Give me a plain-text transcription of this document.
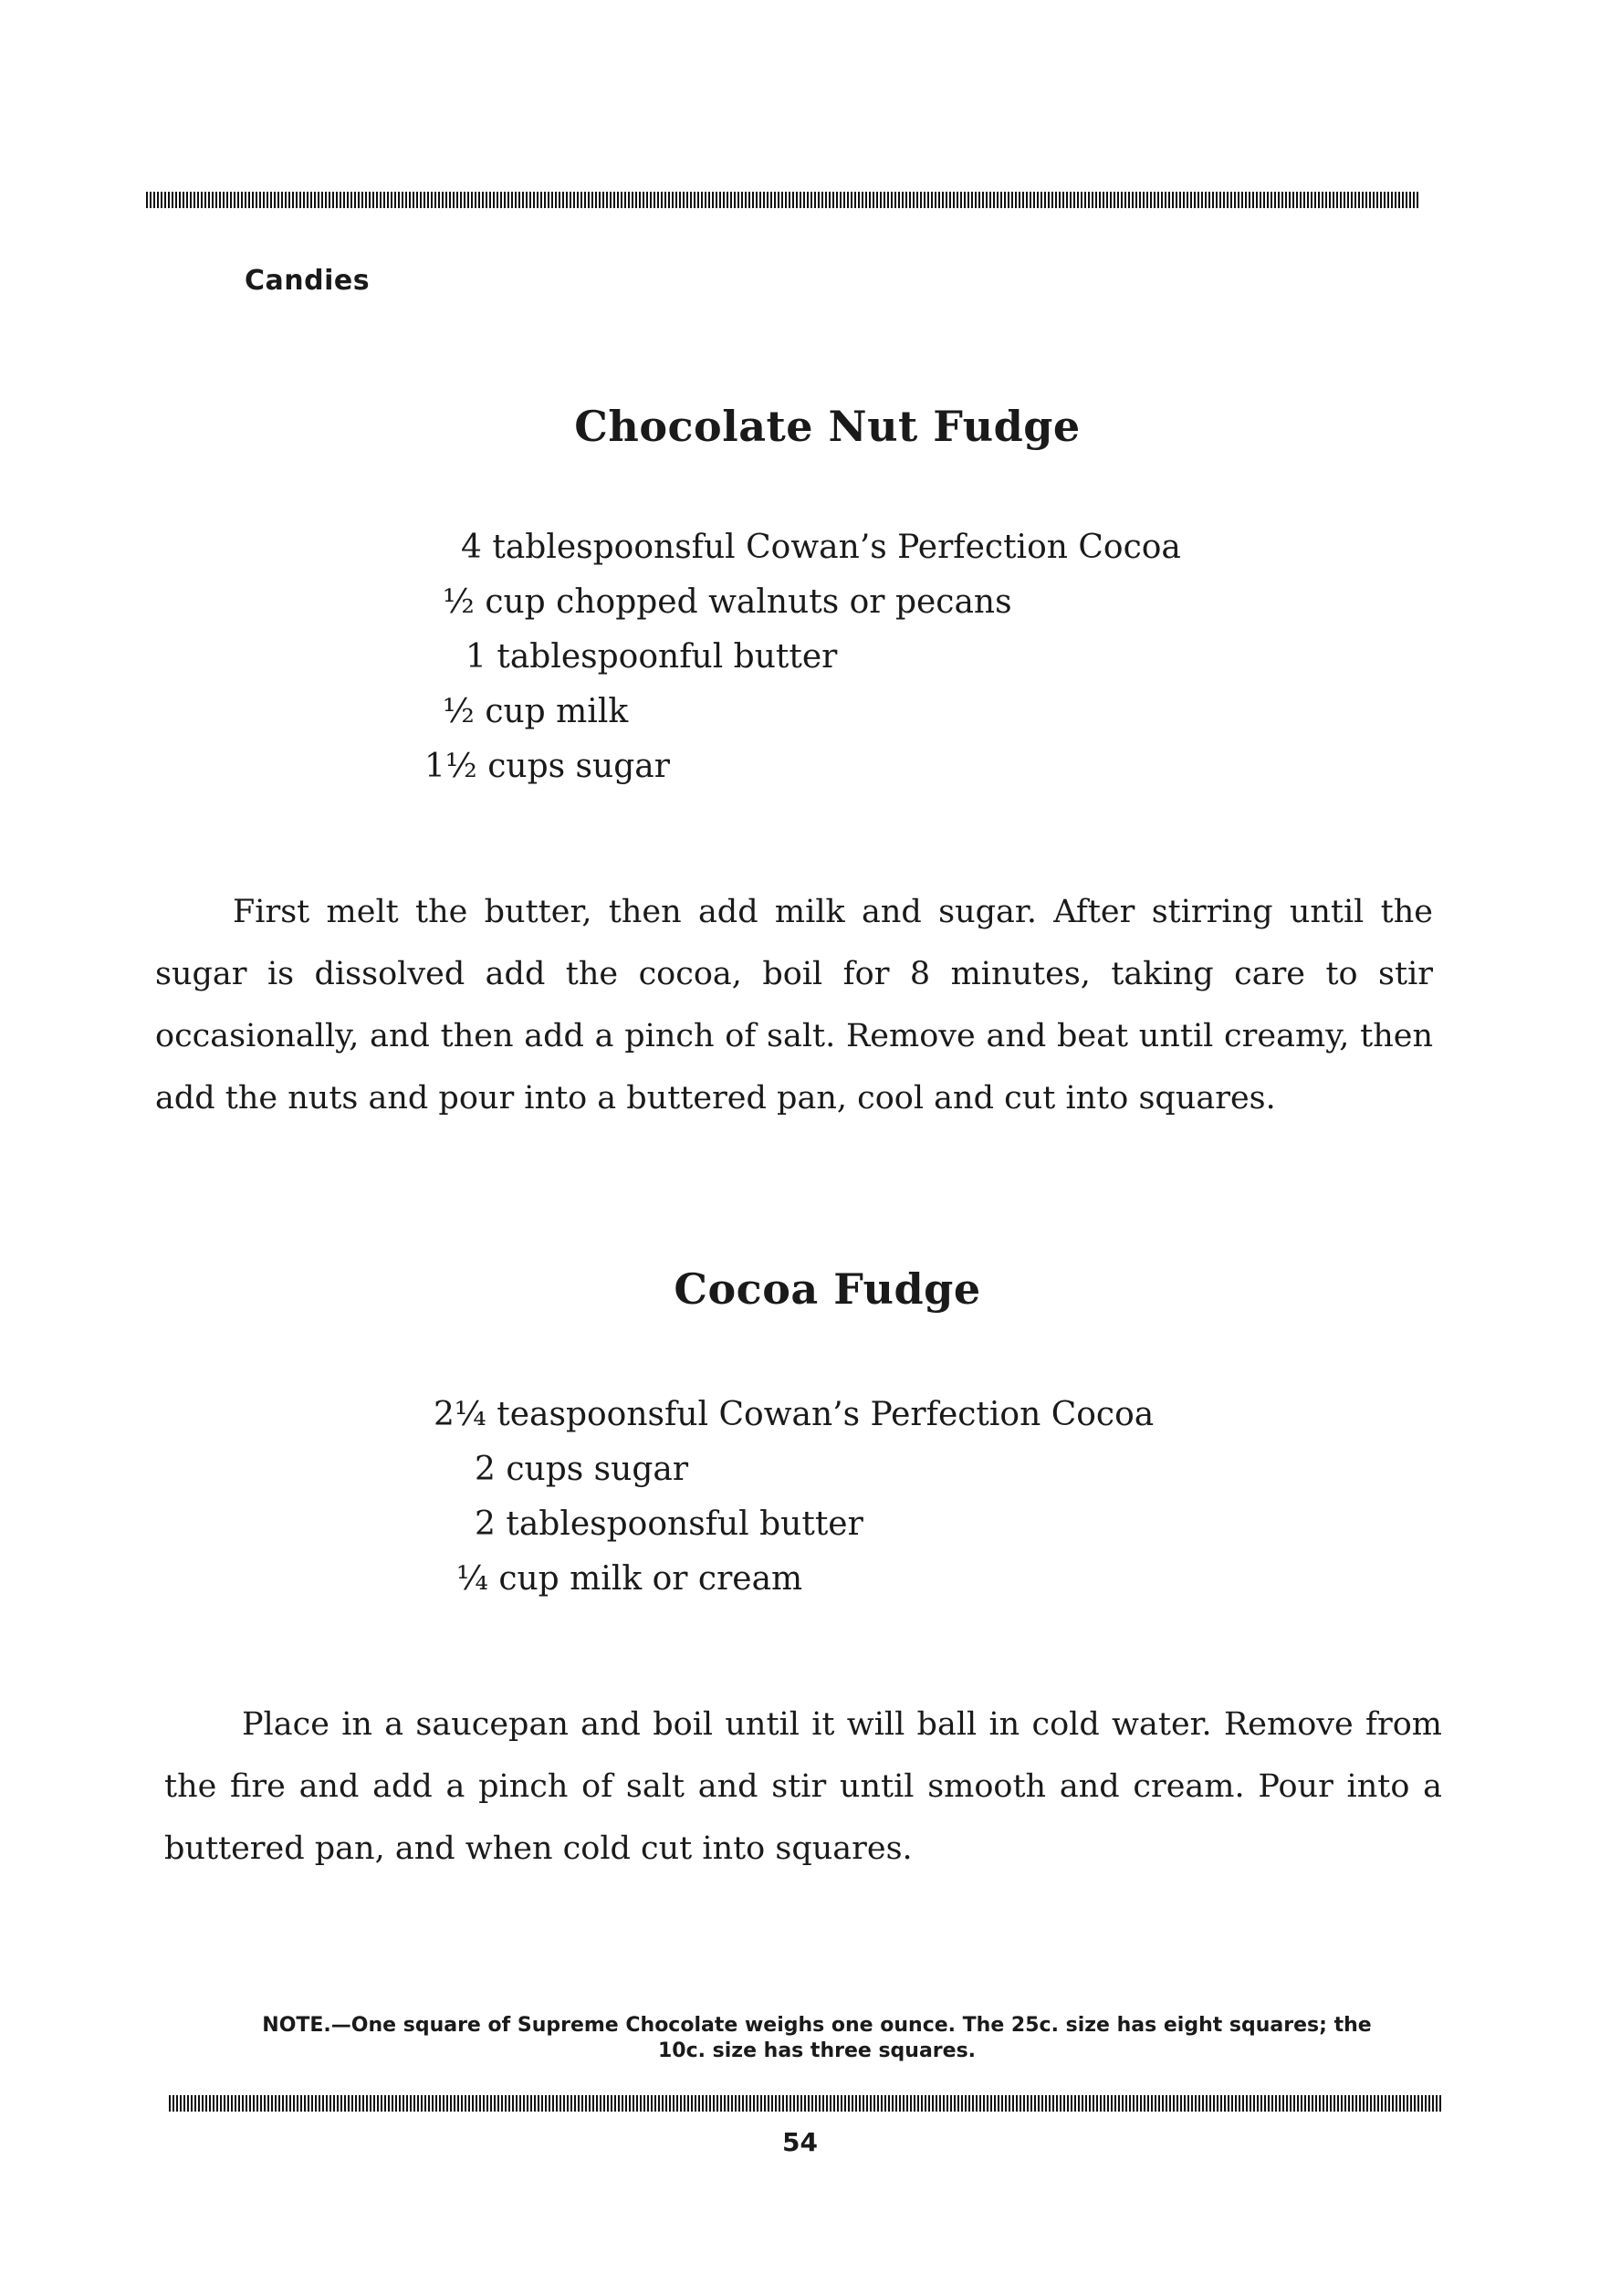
Candies
Chocolate Nut Fudge
4 tablespoonsful Cowan’s Perfection Cocoa
½ cup chopped walnuts or pecans
1 tablespoonful butter
½ cup milk
1½ cups sugar

First melt the butter, then add milk and sugar. After stirring until the sugar is dissolved add the cocoa, boil for 8 minutes, taking care to stir occasionally, and then add a pinch of salt. Remove and beat until creamy, then add the nuts and pour into a buttered pan, cool and cut into squares.

Cocoa Fudge
2¼ teaspoonsful Cowan’s Perfection Cocoa
2 cups sugar
2 tablespoonsful butter
¼ cup milk or cream

Place in a saucepan and boil until it will ball in cold water. Remove from the fire and add a pinch of salt and stir until smooth and cream. Pour into a buttered pan, and when cold cut into squares.

NOTE.—One square of Supreme Chocolate weighs one ounce. The 25c. size has eight squares; the 10c. size has three squares.
54
